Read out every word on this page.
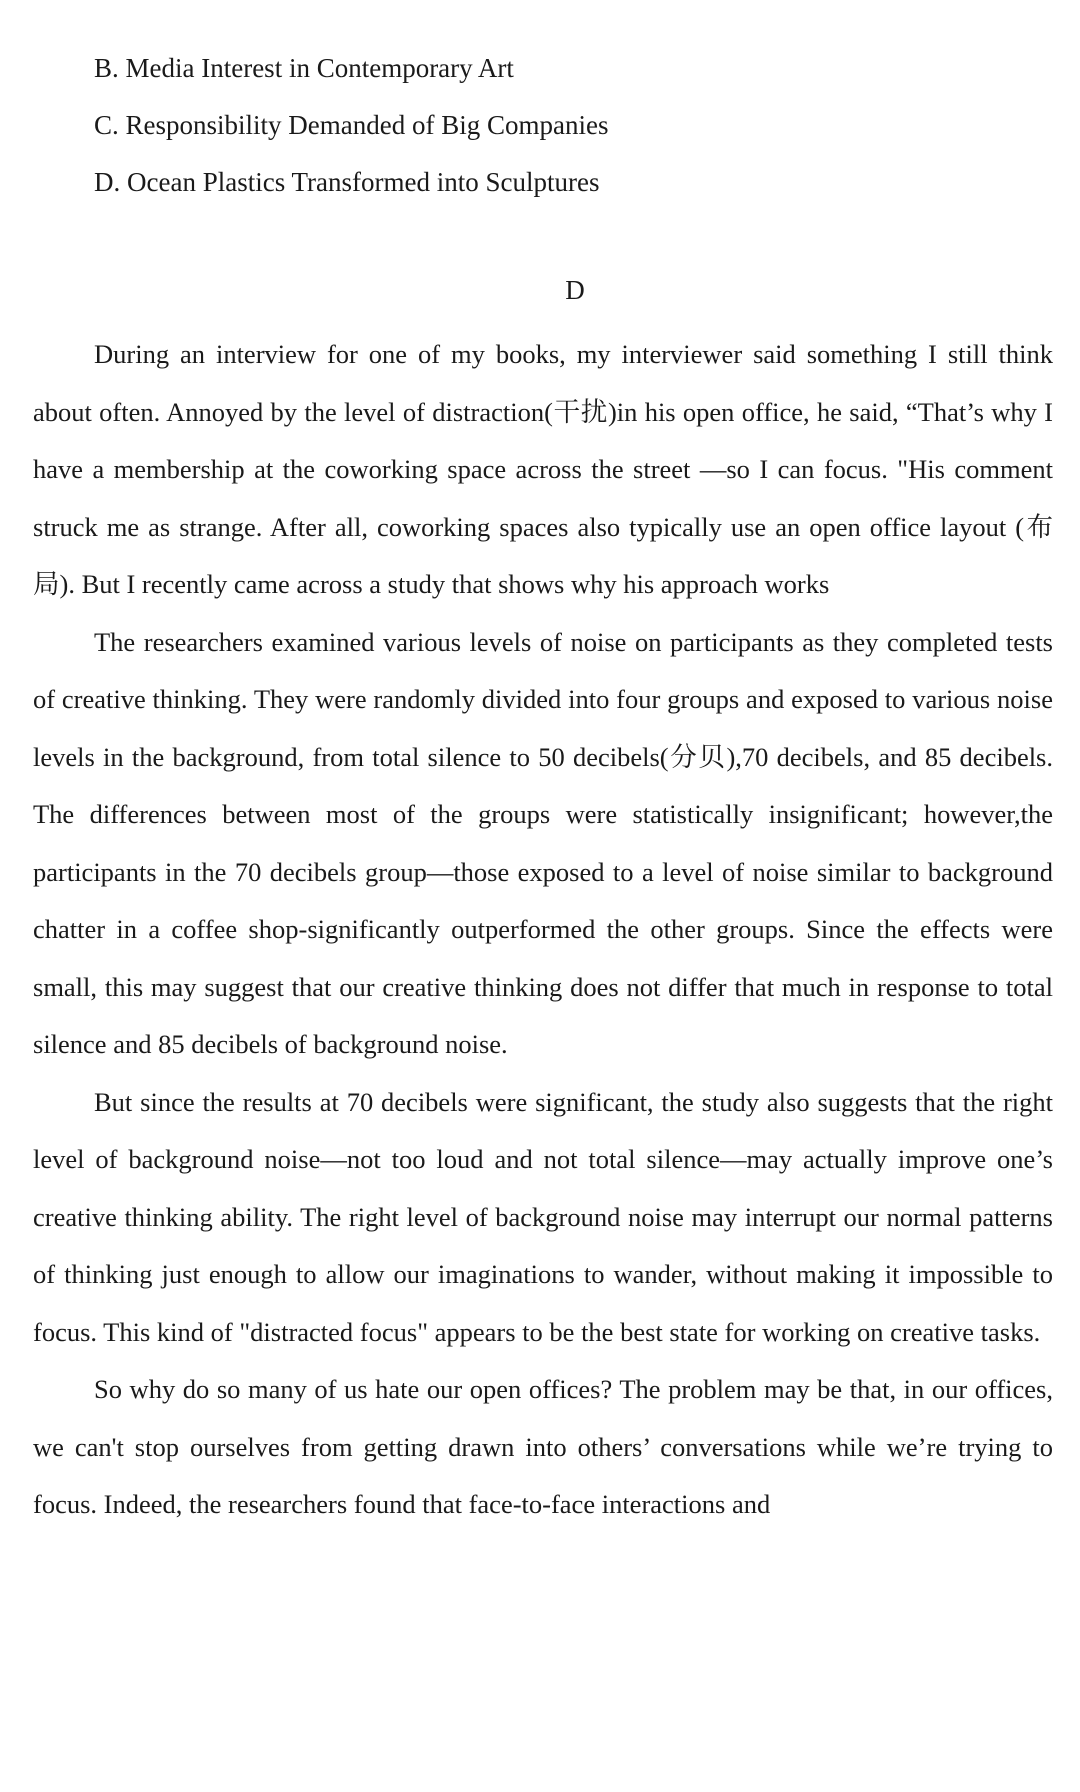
B. Media Interest in Contemporary Art
C. Responsibility Demanded of Big Companies
D. Ocean Plastics Transformed into Sculptures
D

During an interview for one of my books, my interviewer said something I still think about often. Annoyed by the level of distraction(干扰)in his open office, he said, “That’s why I have a membership at the coworking space across the street —so I can focus. "His comment struck me as strange. After all, coworking spaces also typically use an open office layout (布局). But I recently came across a study that shows why his approach works

The researchers examined various levels of noise on participants as they completed tests of creative thinking. They were randomly divided into four groups and exposed to various noise levels in the background, from total silence to 50 decibels(分贝),70 decibels, and 85 decibels. The differences between most of the groups were statistically insignificant; however,the participants in the 70 decibels group—those exposed to a level of noise similar to background chatter in a coffee shop-significantly outperformed the other groups. Since the effects were small, this may suggest that our creative thinking does not differ that much in response to total silence and 85 decibels of background noise.

But since the results at 70 decibels were significant, the study also suggests that the right level of background noise—not too loud and not total silence—may actually improve one’s creative thinking ability. The right level of background noise may interrupt our normal patterns of thinking just enough to allow our imaginations to wander, without making it impossible to focus. This kind of "distracted focus" appears to be the best state for working on creative tasks.

So why do so many of us hate our open offices? The problem may be that, in our offices, we can't stop ourselves from getting drawn into others’ conversations while we’re trying to focus. Indeed, the researchers found that face-to-face interactions and
